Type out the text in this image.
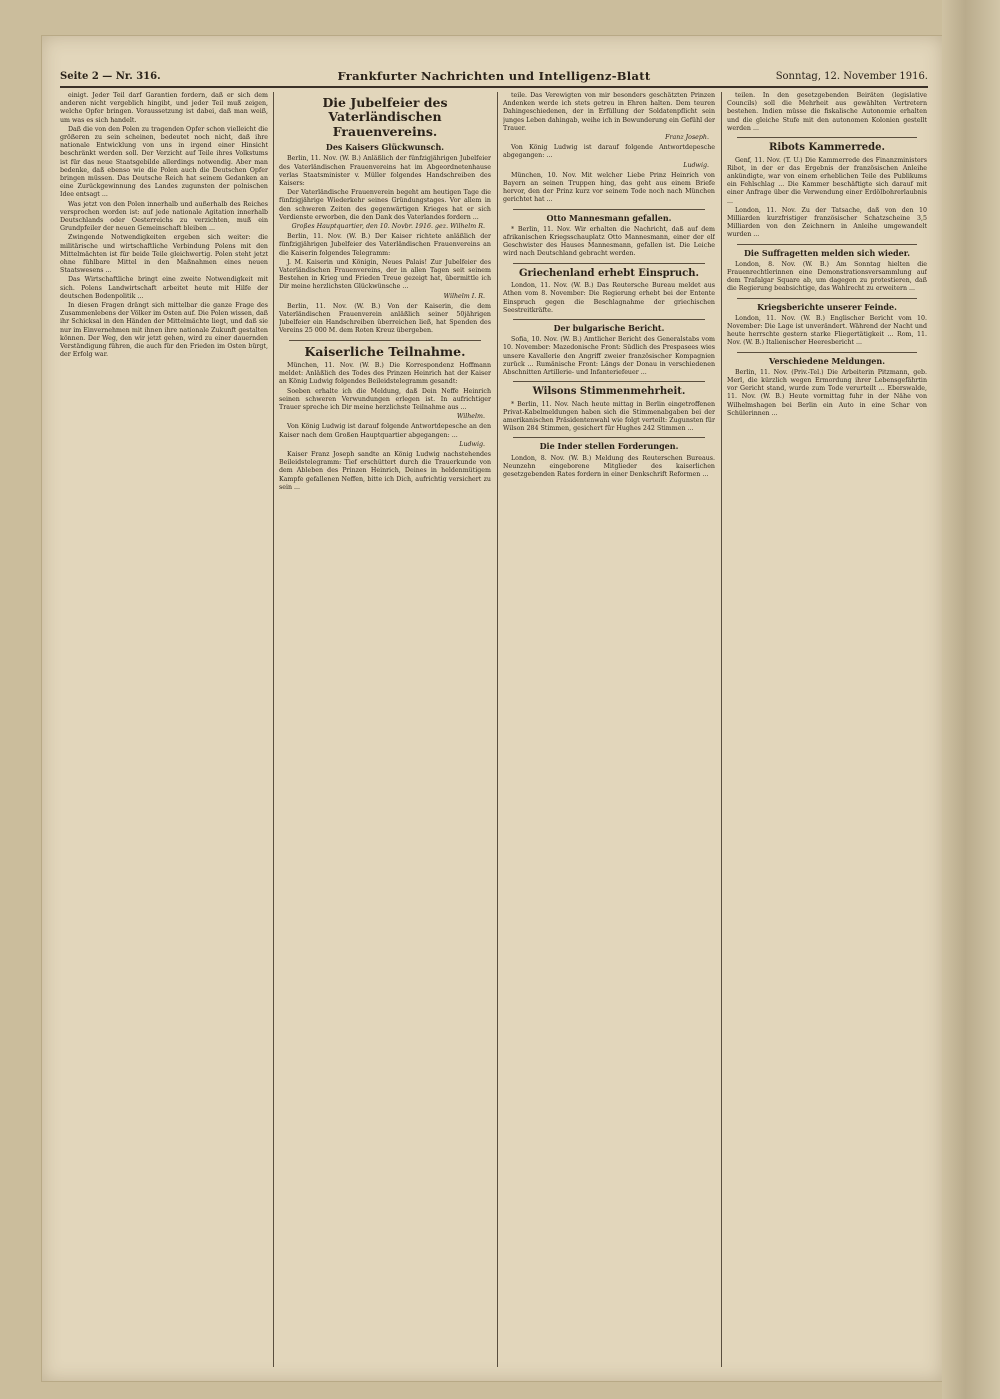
Seite 2 — Nr. 316.	Frankfurter Nachrichten und Intelligenz-Blatt	Sonntag, 12. November 1916.

einigt. Jeder Teil darf Garantien fordern, daß er sich dem anderen nicht vergeblich hingibt, und jeder Teil muß zeigen, welche Opfer bringen. Voraussetzung ist dabei, daß man weiß, um was es sich handelt.

Daß die von den Polen zu tragenden Opfer schon vielleicht die größeren zu sein scheinen, bedeutet noch nicht, daß ihre nationale Entwicklung von uns in irgend einer Hinsicht beschränkt werden soll. Der Verzicht auf Teile ihres Volkstums ist für das neue Staatsgebilde allerdings notwendig. Aber man bedenke, daß ebenso wie die Polen auch die Deutschen Opfer bringen müssen. Das Deutsche Reich hat seinem Gedanken an eine Zurückgewinnung des Landes zugunsten der polnischen Idee entsagt ...

Was jetzt von den Polen innerhalb und außerhalb des Reiches versprochen worden ist: auf jede nationale Agitation innerhalb Deutschlands oder Oesterreichs zu verzichten, muß ein Grundpfeiler der neuen Gemeinschaft bleiben ...

Zwingende Notwendigkeiten ergeben sich weiter: die militärische und wirtschaftliche Verbindung Polens mit den Mittelmächten ist für beide Teile gleichwertig. Polen steht jetzt ohne fühlbare Mittel in den Maßnahmen eines neuen Staatswesens ...

Das Wirtschaftliche bringt eine zweite Notwendigkeit mit sich. Polens Landwirtschaft arbeitet heute mit Hilfe der deutschen Bodenpolitik ...

In diesen Fragen drängt sich mittelbar die ganze Frage des Zusammenlebens der Völker im Osten auf. Die Polen wissen, daß ihr Schicksal in den Händen der Mittelmächte liegt, und daß sie nur im Einvernehmen mit ihnen ihre nationale Zukunft gestalten können. Der Weg, den wir jetzt gehen, wird zu einer dauernden Verständigung führen, die auch für den Frieden im Osten bürgt, der Erfolg war.

Die Jubelfeier des Vaterländischen Frauenvereins.
Des Kaisers Glückwunsch.

Berlin, 11. Nov. (W. B.) Anläßlich der fünfzigjährigen Jubelfeier des Vaterländischen Frauenvereins hat im Abgeordnetenhause verlas Staatsminister v. Müller folgendes Handschreiben des Kaisers:

Der Vaterländische Frauenverein begeht am heutigen Tage die fünfzigjährige Wiederkehr seines Gründungstages. Vor allem in den schweren Zeiten des gegenwärtigen Krieges hat er sich Verdienste erworben, die den Dank des Vaterlandes fordern ...

Großes Hauptquartier, den 10. Novbr. 1916. gez. Wilhelm R.

Berlin, 11. Nov. (W. B.) Der Kaiser richtete anläßlich der fünfzigjährigen Jubelfeier des Vaterländischen Frauenvereins an die Kaiserin folgendes Telegramm:

J. M. Kaiserin und Königin, Neues Palais! Zur Jubelfeier des Vaterländischen Frauenvereins, der in allen Tagen seit seinem Bestehen in Krieg und Frieden Treue gezeigt hat, übermittle ich Dir meine herzlichsten Glückwünsche ...

Wilhelm I. R.

Berlin, 11. Nov. (W. B.) Von der Kaiserin, die dem Vaterländischen Frauenverein anläßlich seiner 50jährigen Jubelfeier ein Handschreiben überreichen ließ, hat Spenden des Vereins 25 000 M. dem Roten Kreuz übergeben.

Kaiserliche Teilnahme.

München, 11. Nov. (W. B.) Die Korrespondenz Hoffmann meldet: Anläßlich des Todes des Prinzen Heinrich hat der Kaiser an König Ludwig folgendes Beileidstelegramm gesandt:

Soeben erhalte ich die Meldung, daß Dein Neffe Heinrich seinen schweren Verwundungen erlegen ist. In aufrichtiger Trauer spreche ich Dir meine herzlichste Teilnahme aus ...

Wilhelm.

Von König Ludwig ist darauf folgende Antwortdepesche an den Kaiser nach dem Großen Hauptquartier abgegangen: ...

Ludwig.

Kaiser Franz Joseph sandte an König Ludwig nachstehendes Beileidstelegramm: Tief erschüttert durch die Trauerkunde von dem Ableben des Prinzen Heinrich, Deines in heldenmütigem Kampfe gefallenen Neffen, bitte ich Dich, aufrichtig versichert zu sein ...

teile. Das Verewigten von mir besonders geschätzten Prinzen Andenken werde ich stets getreu in Ehren halten. Dem teuren Dahingeschiedenen, der in Erfüllung der Soldatenpflicht sein junges Leben dahingab, weihe ich in Bewunderung ein Gefühl der Trauer.

Franz Joseph.

Von König Ludwig ist darauf folgende Antwortdepesche abgegangen: ...

Ludwig.

München, 10. Nov. Mit welcher Liebe Prinz Heinrich von Bayern an seinen Truppen hing, das geht aus einem Briefe hervor, den der Prinz kurz vor seinem Tode noch nach München gerichtet hat ...

Otto Mannesmann gefallen.

* Berlin, 11. Nov. Wir erhalten die Nachricht, daß auf dem afrikanischen Kriegsschauplatz Otto Mannesmann, einer der elf Geschwister des Hauses Mannesmann, gefallen ist. Die Leiche wird nach Deutschland gebracht werden.

Griechenland erhebt Einspruch.

London, 11. Nov. (W. B.) Das Reutersche Bureau meldet aus Athen vom 8. November: Die Regierung erhebt bei der Entente Einspruch gegen die Beschlagnahme der griechischen Seestreitkräfte.

Der bulgarische Bericht.

Sofia, 10. Nov. (W. B.) Amtlicher Bericht des Generalstabs vom 10. November: Mazedonische Front: Südlich des Prespasees wies unsere Kavallerie den Angriff zweier französischer Kompagnien zurück ... Rumänische Front: Längs der Donau in verschiedenen Abschnitten Artillerie- und Infanteriefeuer ...

Wilsons Stimmenmehrheit.

* Berlin, 11. Nov. Nach heute mittag in Berlin eingetroffenen Privat-Kabelmeldungen haben sich die Stimmenabgaben bei der amerikanischen Präsidentenwahl wie folgt verteilt: Zugunsten für Wilson 284 Stimmen, gesichert für Hughes 242 Stimmen ...

Die Inder stellen Forderungen.

London, 8. Nov. (W. B.) Meldung des Reuterschen Bureaus. Neunzehn eingeborene Mitglieder des kaiserlichen gesetzgebenden Rates fordern in einer Denkschrift Reformen ...

teilen. In den gesetzgebenden Beiräten (legislative Councils) soll die Mehrheit aus gewählten Vertretern bestehen. Indien müsse die fiskalische Autonomie erhalten und die gleiche Stufe mit den autonomen Kolonien gestellt werden ...

Ribots Kammerrede.

Genf, 11. Nov. (T. U.) Die Kammerrede des Finanzministers Ribot, in der er das Ergebnis der französischen Anleihe ankündigte, war von einem erheblichen Teile des Publikums ein Fehlschlag ... Die Kammer beschäftigte sich darauf mit einer Anfrage über die Verwendung einer Erdölbohrerlaubnis ...

London, 11. Nov. Zu der Tatsache, daß von den 10 Milliarden kurzfristiger französischer Schatzscheine 3,5 Milliarden von den Zeichnern in Anleihe umgewandelt wurden ...

Die Suffragetten melden sich wieder.

London, 8. Nov. (W. B.) Am Sonntag hielten die Frauenrechtlerinnen eine Demonstrationsversammlung auf dem Trafalgar Square ab, um dagegen zu protestieren, daß die Regierung beabsichtige, das Wahlrecht zu erweitern ...

Kriegsberichte unserer Feinde.

London, 11. Nov. (W. B.) Englischer Bericht vom 10. November: Die Lage ist unverändert. Während der Nacht und heute herrschte gestern starke Fliegertätigkeit ... Rom, 11. Nov. (W. B.) Italienischer Heeresbericht ...

Verschiedene Meldungen.

Berlin, 11. Nov. (Priv.-Tel.) Die Arbeiterin Pitzmann, geb. Merl, die kürzlich wegen Ermordung ihrer Lebensgefährtin vor Gericht stand, wurde zum Tode verurteilt ... Eberswalde, 11. Nov. (W. B.) Heute vormittag fuhr in der Nähe von Wilhelmshagen bei Berlin ein Auto in eine Schar von Schülerinnen ...
